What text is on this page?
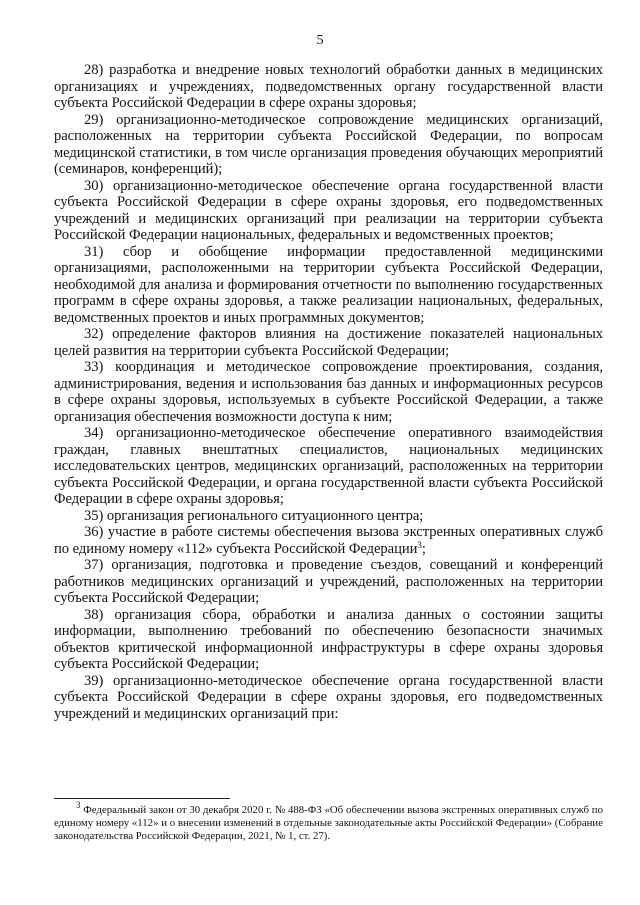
5

28) разработка и внедрение новых технологий обработки данных в медицинских организациях и учреждениях, подведомственных органу государственной власти субъекта Российской Федерации в сфере охраны здоровья;

29) организационно-методическое сопровождение медицинских организаций, расположенных на территории субъекта Российской Федерации, по вопросам медицинской статистики, в том числе организация проведения обучающих мероприятий (семинаров, конференций);

30) организационно-методическое обеспечение органа государственной власти субъекта Российской Федерации в сфере охраны здоровья, его подведомственных учреждений и медицинских организаций при реализации на территории субъекта Российской Федерации национальных, федеральных и ведомственных проектов;

31) сбор и обобщение информации предоставленной медицинскими организациями, расположенными на территории субъекта Российской Федерации, необходимой для анализа и формирования отчетности по выполнению государственных программ в сфере охраны здоровья, а также реализации национальных, федеральных, ведомственных проектов и иных программных документов;

32) определение факторов влияния на достижение показателей национальных целей развития на территории субъекта Российской Федерации;

33) координация и методическое сопровождение проектирования, создания, администрирования, ведения и использования баз данных и информационных ресурсов в сфере охраны здоровья, используемых в субъекте Российской Федерации, а также организация обеспечения возможности доступа к ним;

34) организационно-методическое обеспечение оперативного взаимодействия граждан, главных внештатных специалистов, национальных медицинских исследовательских центров, медицинских организаций, расположенных на территории субъекта Российской Федерации, и органа государственной власти субъекта Российской Федерации в сфере охраны здоровья;

35) организация регионального ситуационного центра;

36) участие в работе системы обеспечения вызова экстренных оперативных служб по единому номеру «112» субъекта Российской Федерации$^3$;

37) организация, подготовка и проведение съездов, совещаний и конференций работников медицинских организаций и учреждений, расположенных на территории субъекта Российской Федерации;

38) организация сбора, обработки и анализа данных о состоянии защиты информации, выполнению требований по обеспечению безопасности значимых объектов критической информационной инфраструктуры в сфере охраны здоровья субъекта Российской Федерации;

39) организационно-методическое обеспечение органа государственной власти субъекта Российской Федерации в сфере охраны здоровья, его подведомственных учреждений и медицинских организаций при:

$^3$ Федеральный закон от 30 декабря 2020 г. № 488-ФЗ «Об обеспечении вызова экстренных оперативных служб по единому номеру «112» и о внесении изменений в отдельные законодательные акты Российской Федерации» (Собрание законодательства Российской Федерации, 2021, № 1, ст. 27).
